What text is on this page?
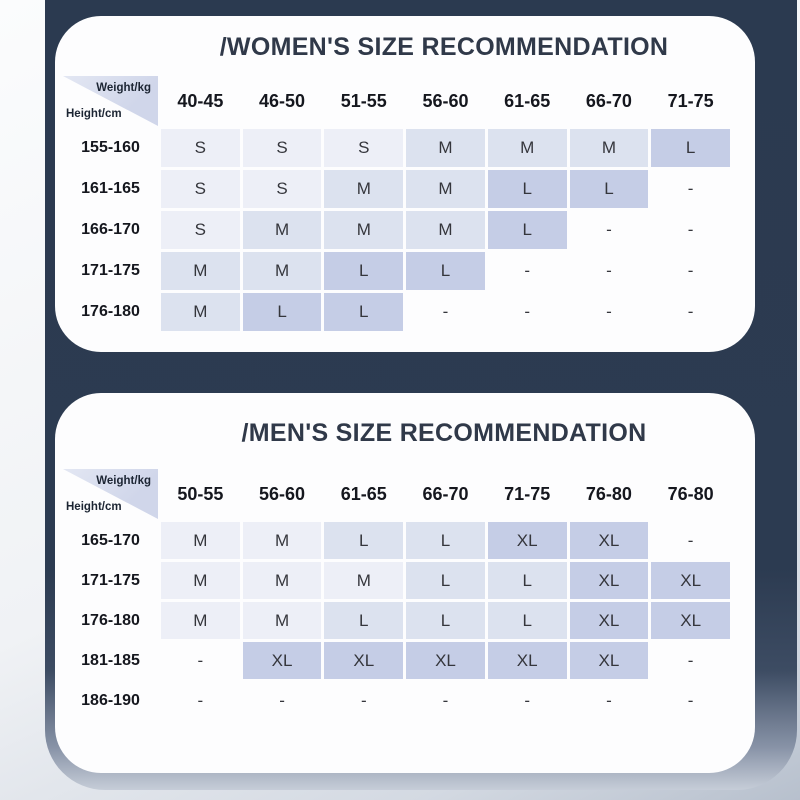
/WOMEN'S SIZE RECOMMENDATION
Weight/kg
Height/cm
40-45	46-50	51-55	56-60	61-65	66-70	71-75
155-160	S	S	S	M	M	M	L
161-165	S	S	M	M	L	L	-
166-170	S	M	M	M	L	-	-
171-175	M	M	L	L	-	-	-
176-180	M	L	L	-	-	-	-
/MEN'S SIZE RECOMMENDATION
Weight/kg
Height/cm
50-55	56-60	61-65	66-70	71-75	76-80	76-80
165-170	M	M	L	L	XL	XL	-
171-175	M	M	M	L	L	XL	XL
176-180	M	M	L	L	L	XL	XL
181-185	-	XL	XL	XL	XL	XL	-
186-190	-	-	-	-	-	-	-
